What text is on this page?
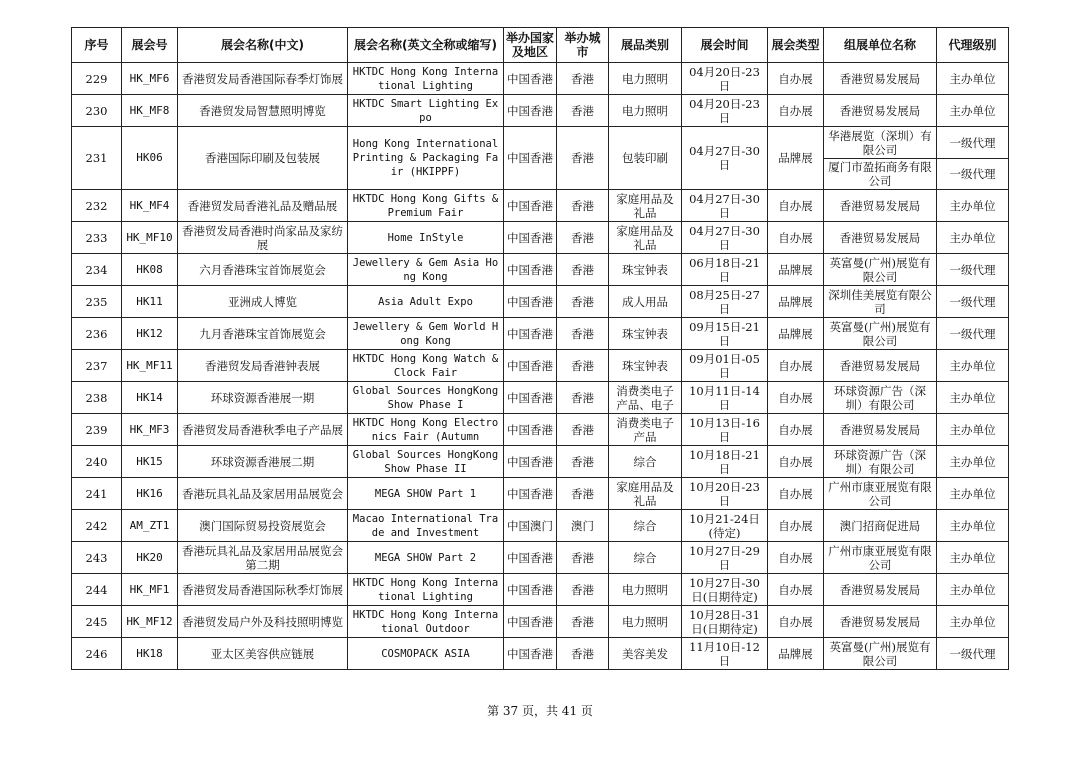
序号	展会号	展会名称(中文)	展会名称(英文全称或缩写)	举办国家及地区	举办城市	展品类别	展会时间	展会类型	组展单位名称	代理级别
229	HK_MF6	香港贸发局香港国际春季灯饰展	HKTDC Hong Kong International Lighting	中国香港	香港	电力照明	04月20日-23日	自办展	香港贸易发展局	主办单位
230	HK_MF8	香港贸发局智慧照明博览	HKTDC Smart Lighting Expo	中国香港	香港	电力照明	04月20日-23日	自办展	香港贸易发展局	主办单位
231	HK06	香港国际印刷及包装展	Hong Kong International Printing & Packaging Fair (HKIPPF)	中国香港	香港	包装印刷	04月27日-30日	品牌展	华港展览（深圳）有限公司	一级代理
									厦门市盈拓商务有限公司	一级代理
232	HK_MF4	香港贸发局香港礼品及赠品展	HKTDC Hong Kong Gifts & Premium Fair	中国香港	香港	家庭用品及礼品	04月27日-30日	自办展	香港贸易发展局	主办单位
233	HK_MF10	香港贸发局香港时尚家品及家纺展	Home InStyle	中国香港	香港	家庭用品及礼品	04月27日-30日	自办展	香港贸易发展局	主办单位
234	HK08	六月香港珠宝首饰展览会	Jewellery & Gem Asia Hong Kong	中国香港	香港	珠宝钟表	06月18日-21日	品牌展	英富曼(广州)展览有限公司	一级代理
235	HK11	亚洲成人博览	Asia Adult Expo	中国香港	香港	成人用品	08月25日-27日	品牌展	深圳佳美展览有限公司	一级代理
236	HK12	九月香港珠宝首饰展览会	Jewellery & Gem World Hong Kong	中国香港	香港	珠宝钟表	09月15日-21日	品牌展	英富曼(广州)展览有限公司	一级代理
237	HK_MF11	香港贸发局香港钟表展	HKTDC Hong Kong Watch & Clock Fair	中国香港	香港	珠宝钟表	09月01日-05日	自办展	香港贸易发展局	主办单位
238	HK14	环球资源香港展一期	Global Sources HongKong Show Phase I	中国香港	香港	消费类电子产品、电子	10月11日-14日	自办展	环球资源广告（深圳）有限公司	主办单位
239	HK_MF3	香港贸发局香港秋季电子产品展	HKTDC Hong Kong Electronics Fair (Autumn	中国香港	香港	消费类电子产品	10月13日-16日	自办展	香港贸易发展局	主办单位
240	HK15	环球资源香港展二期	Global Sources HongKong Show Phase II	中国香港	香港	综合	10月18日-21日	自办展	环球资源广告（深圳）有限公司	主办单位
241	HK16	香港玩具礼品及家居用品展览会	MEGA SHOW Part 1	中国香港	香港	家庭用品及礼品	10月20日-23日	自办展	广州市康亚展览有限公司	主办单位
242	AM_ZT1	澳门国际贸易投资展览会	Macao International Trade and Investment	中国澳门	澳门	综合	10月21-24日(待定)	自办展	澳门招商促进局	主办单位
243	HK20	香港玩具礼品及家居用品展览会第二期	MEGA SHOW Part 2	中国香港	香港	综合	10月27日-29日	自办展	广州市康亚展览有限公司	主办单位
244	HK_MF1	香港贸发局香港国际秋季灯饰展	HKTDC Hong Kong International Lighting	中国香港	香港	电力照明	10月27日-30日(日期待定)	自办展	香港贸易发展局	主办单位
245	HK_MF12	香港贸发局户外及科技照明博览	HKTDC Hong Kong International Outdoor	中国香港	香港	电力照明	10月28日-31日(日期待定)	自办展	香港贸易发展局	主办单位
246	HK18	亚太区美容供应链展	COSMOPACK ASIA	中国香港	香港	美容美发	11月10日-12日	品牌展	英富曼(广州)展览有限公司	一级代理
第 37 页，共 41 页
